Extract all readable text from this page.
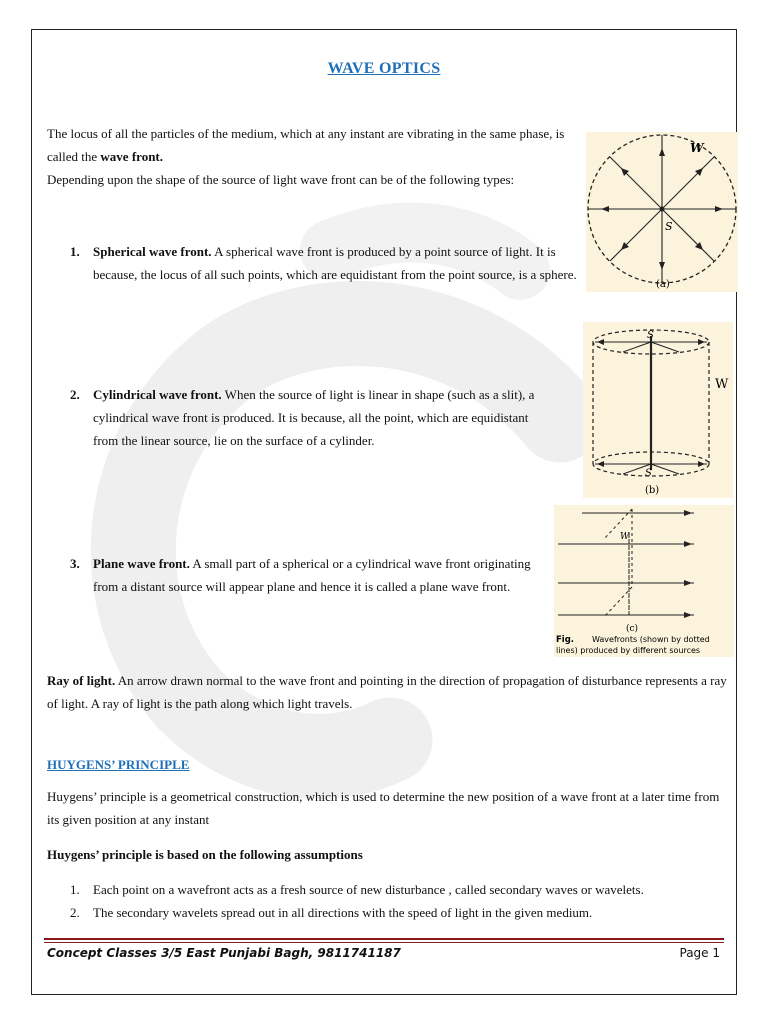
WAVE OPTICS
The locus of all the particles of the medium, which at any instant are vibrating in the same phase, is called the wave front.
Depending upon the shape of the source of light wave front can be of the following types:
1. Spherical wave front. A spherical wave front is produced by a point source of light. It is because, the locus of all such points, which are equidistant from the point source, is a sphere.
2. Cylindrical wave front. When the source of light is linear in shape (such as a slit), a cylindrical wave front is produced. It is because, all the point, which are equidistant from the linear source, lie on the surface of a cylinder.
3. Plane wave front. A small part of a spherical or a cylindrical wave front originating from a distant source will appear plane and hence it is called a plane wave front.
Ray of light. An arrow drawn normal to the wave front and pointing in the direction of propagation of disturbance represents a ray of light. A ray of light is the path along which light travels.
HUYGENS’ PRINCIPLE
Huygens’ principle is a geometrical construction, which is used to determine the new position of a wave front at a later time from its given position at any instant
Huygens’ principle is based on the following assumptions
1. Each point on a wavefront acts as a fresh source of new disturbance , called secondary waves or wavelets.
2. The secondary wavelets spread out in all directions with the speed of light in the given medium.
W
S
(a)
W
S
S
(b)
W
(c)
Fig. Wavefronts (shown by dotted
lines) produced by different sources
Concept Classes 3/5 East Punjabi Bagh, 9811741187	Page 1
